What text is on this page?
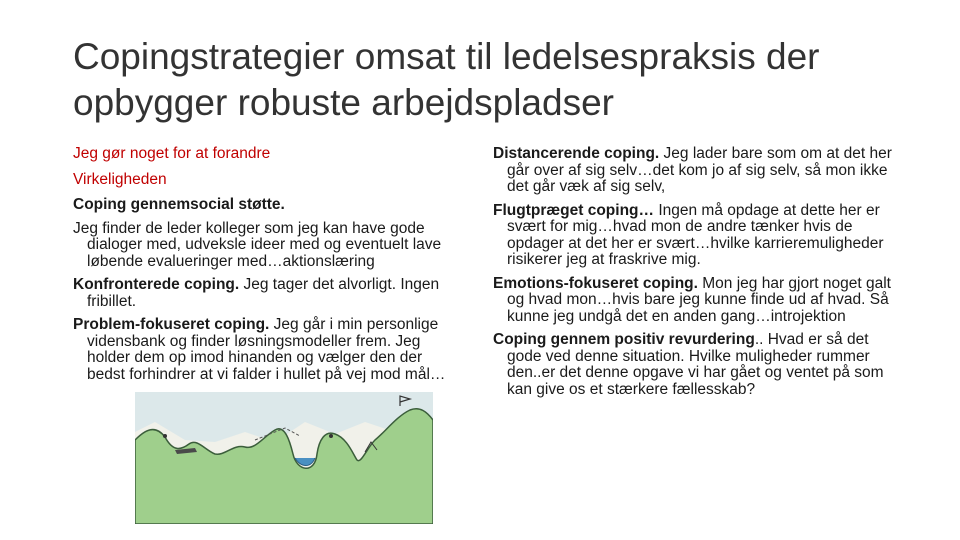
Copingstrategier omsat til ledelsespraksis der
opbygger robuste arbejdspladser

Jeg gør noget for at forandre

Virkeligheden

Coping gennemsocial støtte.

Jeg finder de leder kolleger som jeg kan have gode dialoger med, udveksle ideer med og eventuelt lave løbende evalueringer med…aktionslæring

Konfronterede coping. Jeg tager det alvorligt. Ingen fribillet.

Problem-fokuseret coping. Jeg går i min personlige vidensbank og finder løsningsmodeller frem. Jeg holder dem op imod hinanden og vælger den der bedst forhindrer at vi falder i hullet på vej mod mål…

Distancerende coping. Jeg lader bare som om at det her går over af sig selv…det kom jo af sig selv, så mon ikke det går væk af sig selv,

Flugtpræget coping… Ingen må opdage at dette her er svært for mig…hvad mon de andre tænker hvis de opdager at det her er svært…hvilke karrieremuligheder risikerer jeg at fraskrive mig.

Emotions-fokuseret coping. Mon jeg har gjort noget galt og hvad mon…hvis bare jeg kunne finde ud af hvad. Så kunne jeg undgå det en anden gang…introjektion

Coping gennem positiv revurdering.. Hvad er så det gode ved denne situation. Hvilke muligheder rummer den..er det denne opgave vi har gået og ventet på som kan give os et stærkere fællesskab?
